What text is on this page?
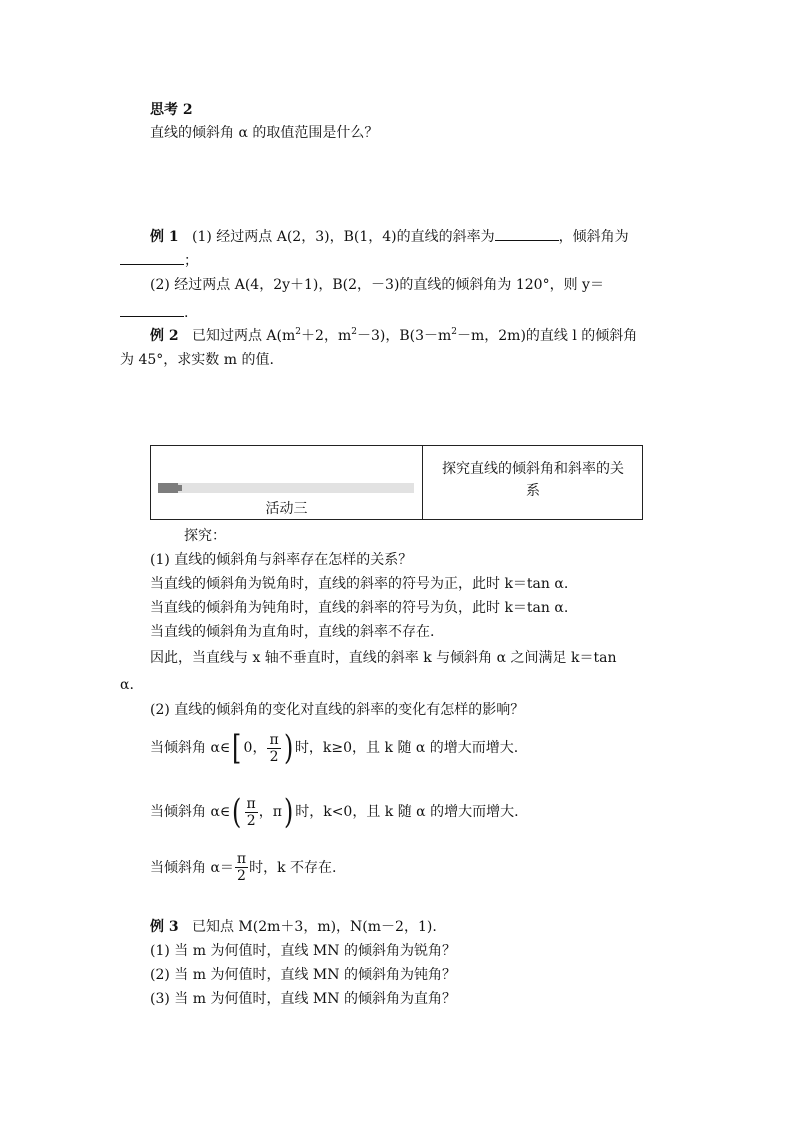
思考 2
直线的倾斜角 α 的取值范围是什么？
例 1 (1) 经过两点 A(2，3)，B(1，4)的直线的斜率为	，倾斜角为
；
(2) 经过两点 A(4，2y＋1)，B(2，－3)的直线的倾斜角为 120°，则 y＝
.
例 2 已知过两点 $A(m^2+2$，$m^2-3$)，$B(3-m^2-m$，2m)的直线 l 的倾斜角
为 45°，求实数 m 的值.
活动三
探究直线的倾斜角和斜率的关
系
探究：
(1) 直线的倾斜角与斜率存在怎样的关系？
当直线的倾斜角为锐角时，直线的斜率的符号为正，此时 k＝tan α.
当直线的倾斜角为钝角时，直线的斜率的符号为负，此时 k＝tan α.
当直线的倾斜角为直角时，直线的斜率不存在.
因此，当直线与 x 轴不垂直时，直线的斜率 k 与倾斜角 α 之间满足 k＝tan
α.
(2) 直线的倾斜角的变化对直线的斜率的变化有怎样的影响？
当倾斜角 α∈ [ 0， $\frac{\pi}{2}$ ) 时，k≥0，且 k 随 α 的增大而增大.
当倾斜角 α∈ ( $\frac{\pi}{2}$ ，π ) 时，k<0，且 k 随 α 的增大而增大.
当倾斜角 $\alpha= \frac{\pi}{2}$ 时，k 不存在.
例 3 已知点 M(2m＋3，m)，N(m－2，1).
(1) 当 m 为何值时，直线 MN 的倾斜角为锐角？
(2) 当 m 为何值时，直线 MN 的倾斜角为钝角？
(3) 当 m 为何值时，直线 MN 的倾斜角为直角？
